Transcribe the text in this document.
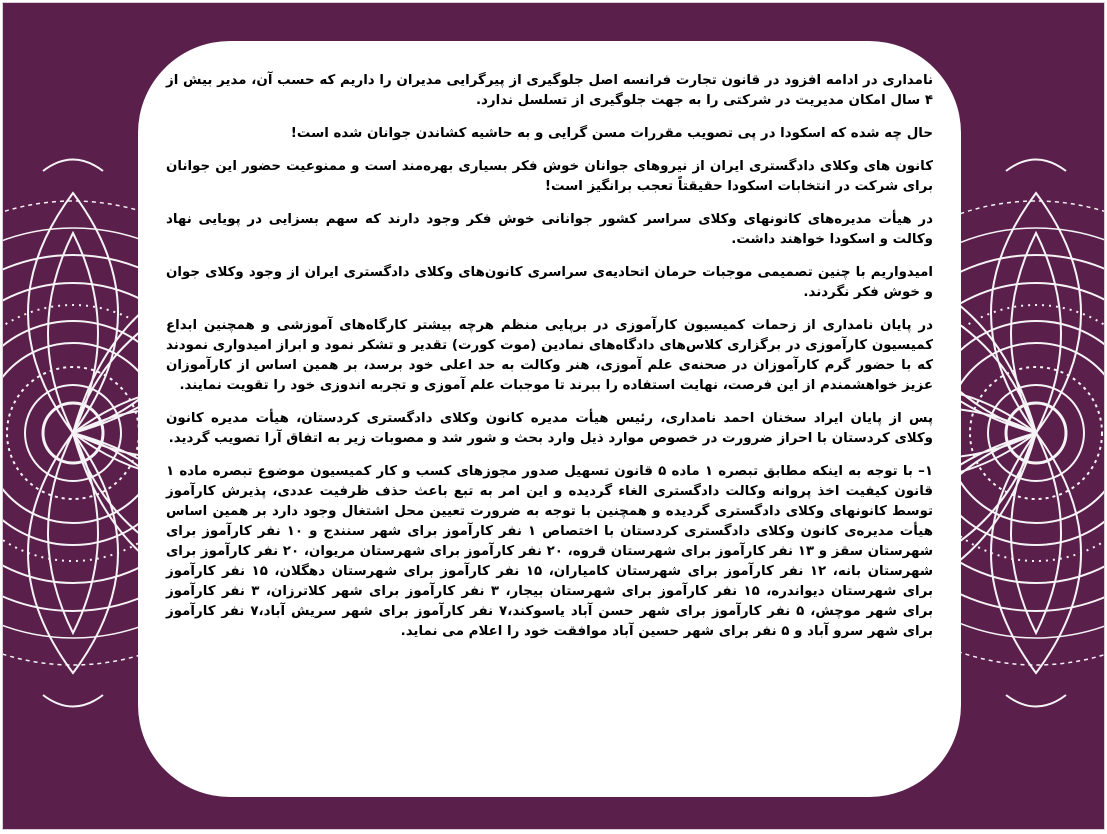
نامداری در ادامه افزود در قانون تجارت فرانسه اصل جلوگیری از پیرگرایی مدیران را داریم که حسب آن، مدیر بیش از ۴ سال امکان مدیریت در شرکتی را به جهت جلوگیری از تسلسل ندارد.

حال چه شده که اسکودا در پی تصویب مقررات مسن گرایی و به حاشیه کشاندن جوانان شده است!

کانون های وکلای دادگستری ایران از نیروهای جوانان خوش فکر بسیاری بهره‌مند است و ممنوعیت حضور این جوانان برای شرکت در انتخابات اسکودا حقیقتاً تعجب برانگیز است!

در هیأت مدیره‌های کانونهای وکلای سراسر کشور جوانانی خوش فکر وجود دارند که سهم بسزایی در پویایی نهاد وکالت و اسکودا خواهند داشت.

امیدواریم با چنین تصمیمی موجبات حرمان اتحادیه‌ی سراسری کانون‌های وکلای دادگستری ایران از وجود وکلای جوان و خوش فکر نگردند.

در پایان نامداری از زحمات کمیسیون کارآموزی در برپایی منظم هرچه بیشتر کارگاه‌های آموزشی و همچنین ابداع کمیسیون کارآموزی در برگزاری کلاس‌های دادگاه‌های نمادین (موت کورت) تقدیر و تشکر نمود و ابراز امیدواری نمودند که با حضور گرم کارآموزان در صحنه‌ی علم آموزی، هنر وکالت به حد اعلی خود برسد، بر همین اساس از کارآموزان عزیز خواهشمندم از این فرصت، نهایت استفاده را ببرند تا موجبات علم آموزی و تجربه اندوزی خود را تقویت نمایند.

پس از پایان ایراد سخنان احمد نامداری، رئیس هیأت مدیره کانون وکلای دادگستری کردستان، هیأت مدیره کانون وکلای کردستان با احراز ضرورت در خصوص موارد ذیل وارد بحث و شور شد و مصوبات زیر به اتفاق آرا تصویب گردید.

۱– با توجه به اینکه مطابق تبصره ۱ ماده ۵ قانون تسهیل صدور مجوزهای کسب و کار کمیسیون موضوع تبصره ماده ۱ قانون کیفیت اخذ پروانه وکالت دادگستری الغاء گردیده و این امر به تبع باعث حذف ظرفیت عددی، پذیرش کارآموز توسط کانونهای وکلای دادگستری گردیده و همچنین با توجه به ضرورت تعیین محل اشتغال وجود دارد بر همین اساس هیأت مدیره‌ی کانون وکلای دادگستری کردستان با اختصاص ۱ نفر کارآموز برای شهر سنندج و ۱۰ نفر کارآموز برای شهرستان سقز و ۱۳ نفر کارآموز برای شهرستان قروه، ۲۰ نفر کارآموز برای شهرستان مریوان، ۲۰ نفر کارآموز برای شهرستان بانه، ۱۲ نفر کارآموز برای شهرستان کامیاران، ۱۵ نفر کارآموز برای شهرستان دهگلان، ۱۵ نفر کارآموز برای شهرستان دیواندره، ۱۵ نفر کارآموز برای شهرستان بیجار، ۳ نفر کارآموز برای شهر کلاترزان، ۳ نفر کارآموز برای شهر موچش، ۵ نفر کارآموز برای شهر حسن آباد یاسوکند،۷ نفر کارآموز برای شهر سریش آباد،۷ نفر کارآموز برای شهر سرو آباد و ۵ نفر برای شهر حسین آباد موافقت خود را اعلام می نماید.
